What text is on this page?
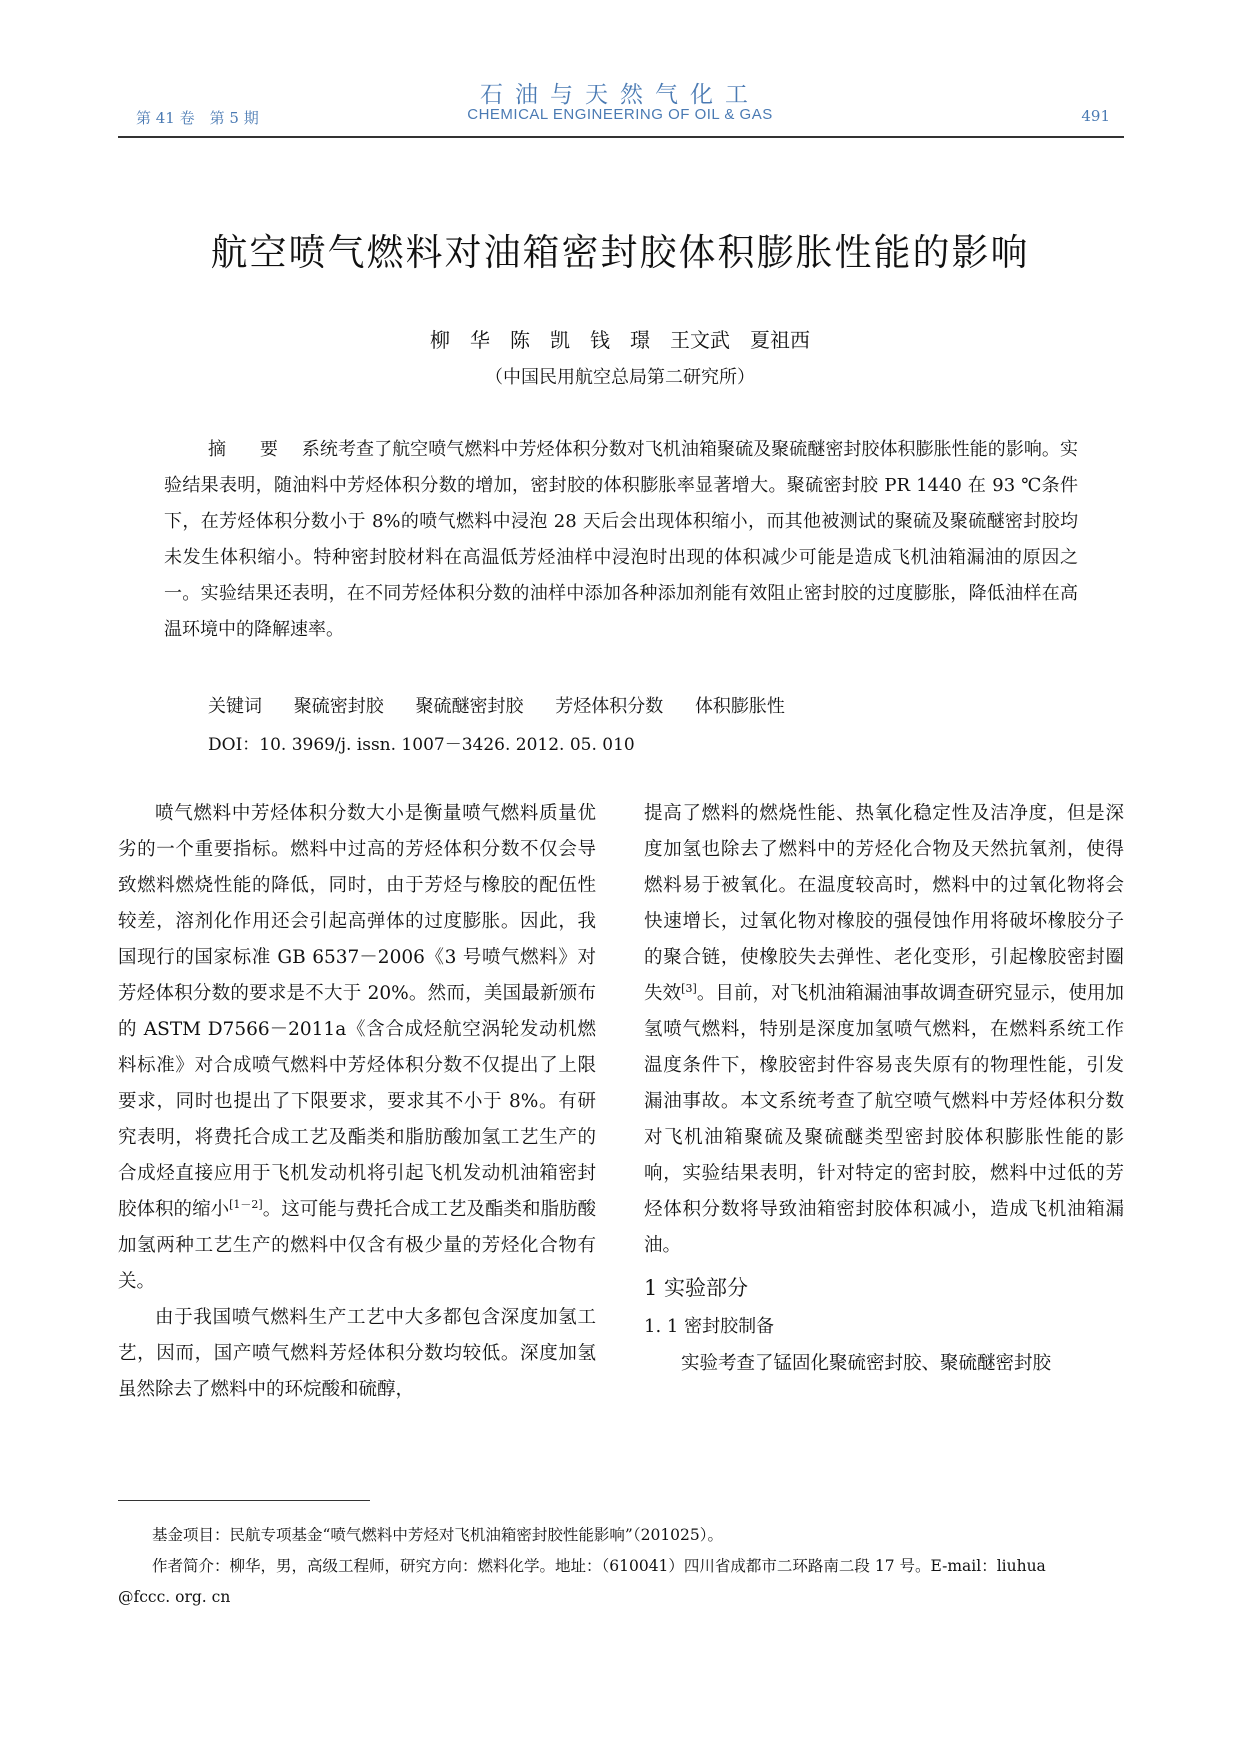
石油与天然气化工
第 41 卷　第 5 期	CHEMICAL ENGINEERING OF OIL & GAS	491
航空喷气燃料对油箱密封胶体积膨胀性能的影响
柳　华　陈　凯　钱　璟　王文武　夏祖西
（中国民用航空总局第二研究所）
摘 要 系统考查了航空喷气燃料中芳烃体积分数对飞机油箱聚硫及聚硫醚密封胶体积膨胀性能的影响。实验结果表明，随油料中芳烃体积分数的增加，密封胶的体积膨胀率显著增大。聚硫密封胶 PR 1440 在 93 ℃条件下，在芳烃体积分数小于 8%的喷气燃料中浸泡 28 天后会出现体积缩小，而其他被测试的聚硫及聚硫醚密封胶均未发生体积缩小。特种密封胶材料在高温低芳烃油样中浸泡时出现的体积减少可能是造成飞机油箱漏油的原因之一。实验结果还表明，在不同芳烃体积分数的油样中添加各种添加剂能有效阻止密封胶的过度膨胀，降低油样在高温环境中的降解速率。
关键词 聚硫密封胶 聚硫醚密封胶 芳烃体积分数 体积膨胀性
DOI：10. 3969/j. issn. 1007－3426. 2012. 05. 010

喷气燃料中芳烃体积分数大小是衡量喷气燃料质量优劣的一个重要指标。燃料中过高的芳烃体积分数不仅会导致燃料燃烧性能的降低，同时，由于芳烃与橡胶的配伍性较差，溶剂化作用还会引起高弹体的过度膨胀。因此，我国现行的国家标准 GB 6537－2006《3 号喷气燃料》对芳烃体积分数的要求是不大于 20%。然而，美国最新颁布的 ASTM D7566－2011a《含合成烃航空涡轮发动机燃料标准》对合成喷气燃料中芳烃体积分数不仅提出了上限要求，同时也提出了下限要求，要求其不小于 8%。有研究表明，将费托合成工艺及酯类和脂肪酸加氢工艺生产的合成烃直接应用于飞机发动机将引起飞机发动机油箱密封胶体积的缩小[1－2]。这可能与费托合成工艺及酯类和脂肪酸加氢两种工艺生产的燃料中仅含有极少量的芳烃化合物有关。

由于我国喷气燃料生产工艺中大多都包含深度加氢工艺，因而，国产喷气燃料芳烃体积分数均较低。深度加氢虽然除去了燃料中的环烷酸和硫醇，

提高了燃料的燃烧性能、热氧化稳定性及洁净度，但是深度加氢也除去了燃料中的芳烃化合物及天然抗氧剂，使得燃料易于被氧化。在温度较高时，燃料中的过氧化物将会快速增长，过氧化物对橡胶的强侵蚀作用将破坏橡胶分子的聚合链，使橡胶失去弹性、老化变形，引起橡胶密封圈失效[3]。目前，对飞机油箱漏油事故调查研究显示，使用加氢喷气燃料，特别是深度加氢喷气燃料，在燃料系统工作温度条件下，橡胶密封件容易丧失原有的物理性能，引发漏油事故。本文系统考查了航空喷气燃料中芳烃体积分数对飞机油箱聚硫及聚硫醚类型密封胶体积膨胀性能的影响，实验结果表明，针对特定的密封胶，燃料中过低的芳烃体积分数将导致油箱密封胶体积减小，造成飞机油箱漏油。

1 实验部分
1. 1 密封胶制备

实验考查了锰固化聚硫密封胶、聚硫醚密封胶

基金项目：民航专项基金“喷气燃料中芳烃对飞机油箱密封胶性能影响”（201025）。
作者简介：柳华，男，高级工程师，研究方向：燃料化学。地址：（610041）四川省成都市二环路南二段 17 号。E-mail：liuhua
@fccc. org. cn
